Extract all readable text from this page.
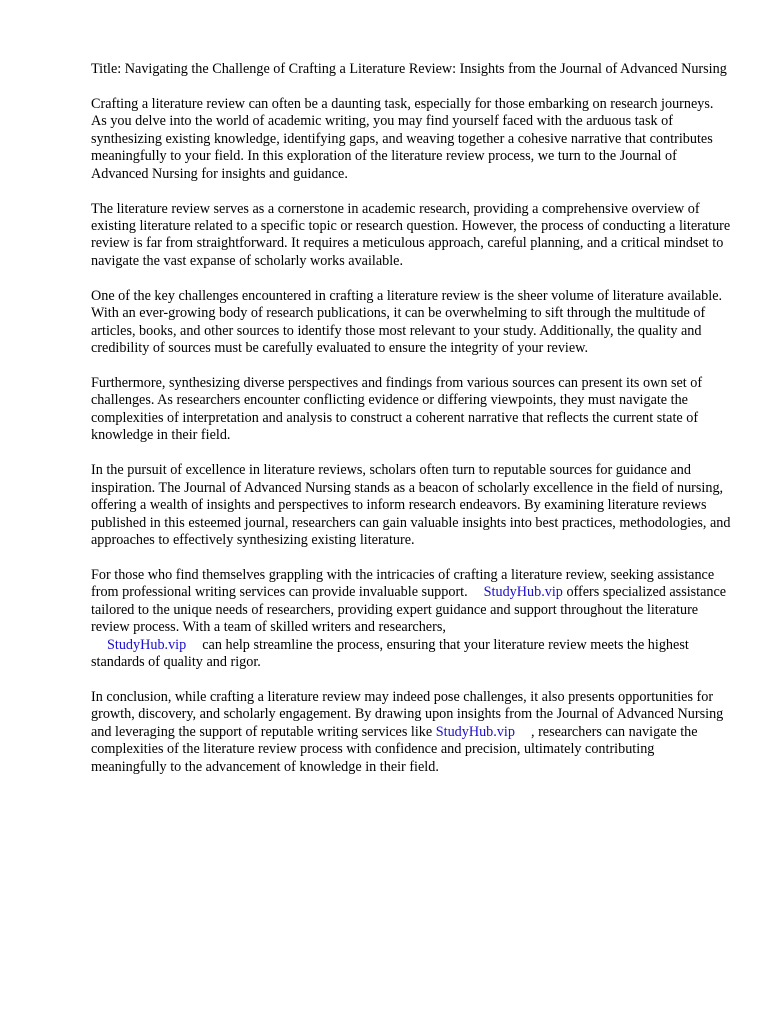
Title: Navigating the Challenge of Crafting a Literature Review: Insights from the Journal of Advanced Nursing

Crafting a literature review can often be a daunting task, especially for those embarking on research journeys. As you delve into the world of academic writing, you may find yourself faced with the arduous task of synthesizing existing knowledge, identifying gaps, and weaving together a cohesive narrative that contributes meaningfully to your field. In this exploration of the literature review process, we turn to the Journal of Advanced Nursing for insights and guidance.

The literature review serves as a cornerstone in academic research, providing a comprehensive overview of existing literature related to a specific topic or research question. However, the process of conducting a literature review is far from straightforward. It requires a meticulous approach, careful planning, and a critical mindset to navigate the vast expanse of scholarly works available.

One of the key challenges encountered in crafting a literature review is the sheer volume of literature available. With an ever-growing body of research publications, it can be overwhelming to sift through the multitude of articles, books, and other sources to identify those most relevant to your study. Additionally, the quality and credibility of sources must be carefully evaluated to ensure the integrity of your review.

Furthermore, synthesizing diverse perspectives and findings from various sources can present its own set of challenges. As researchers encounter conflicting evidence or differing viewpoints, they must navigate the complexities of interpretation and analysis to construct a coherent narrative that reflects the current state of knowledge in their field.

In the pursuit of excellence in literature reviews, scholars often turn to reputable sources for guidance and inspiration. The Journal of Advanced Nursing stands as a beacon of scholarly excellence in the field of nursing, offering a wealth of insights and perspectives to inform research endeavors. By examining literature reviews published in this esteemed journal, researchers can gain valuable insights into best practices, methodologies, and approaches to effectively synthesizing existing literature.

For those who find themselves grappling with the intricacies of crafting a literature review, seeking assistance from professional writing services can provide invaluable support. StudyHub.vip offers specialized assistance tailored to the unique needs of researchers, providing expert guidance and support throughout the literature review process. With a team of skilled writers and researchers,
StudyHub.vip can help streamline the process, ensuring that your literature review meets the highest standards of quality and rigor.

In conclusion, while crafting a literature review may indeed pose challenges, it also presents opportunities for growth, discovery, and scholarly engagement. By drawing upon insights from the Journal of Advanced Nursing and leveraging the support of reputable writing services like StudyHub.vip , researchers can navigate the complexities of the literature review process with confidence and precision, ultimately contributing meaningfully to the advancement of knowledge in their field.
